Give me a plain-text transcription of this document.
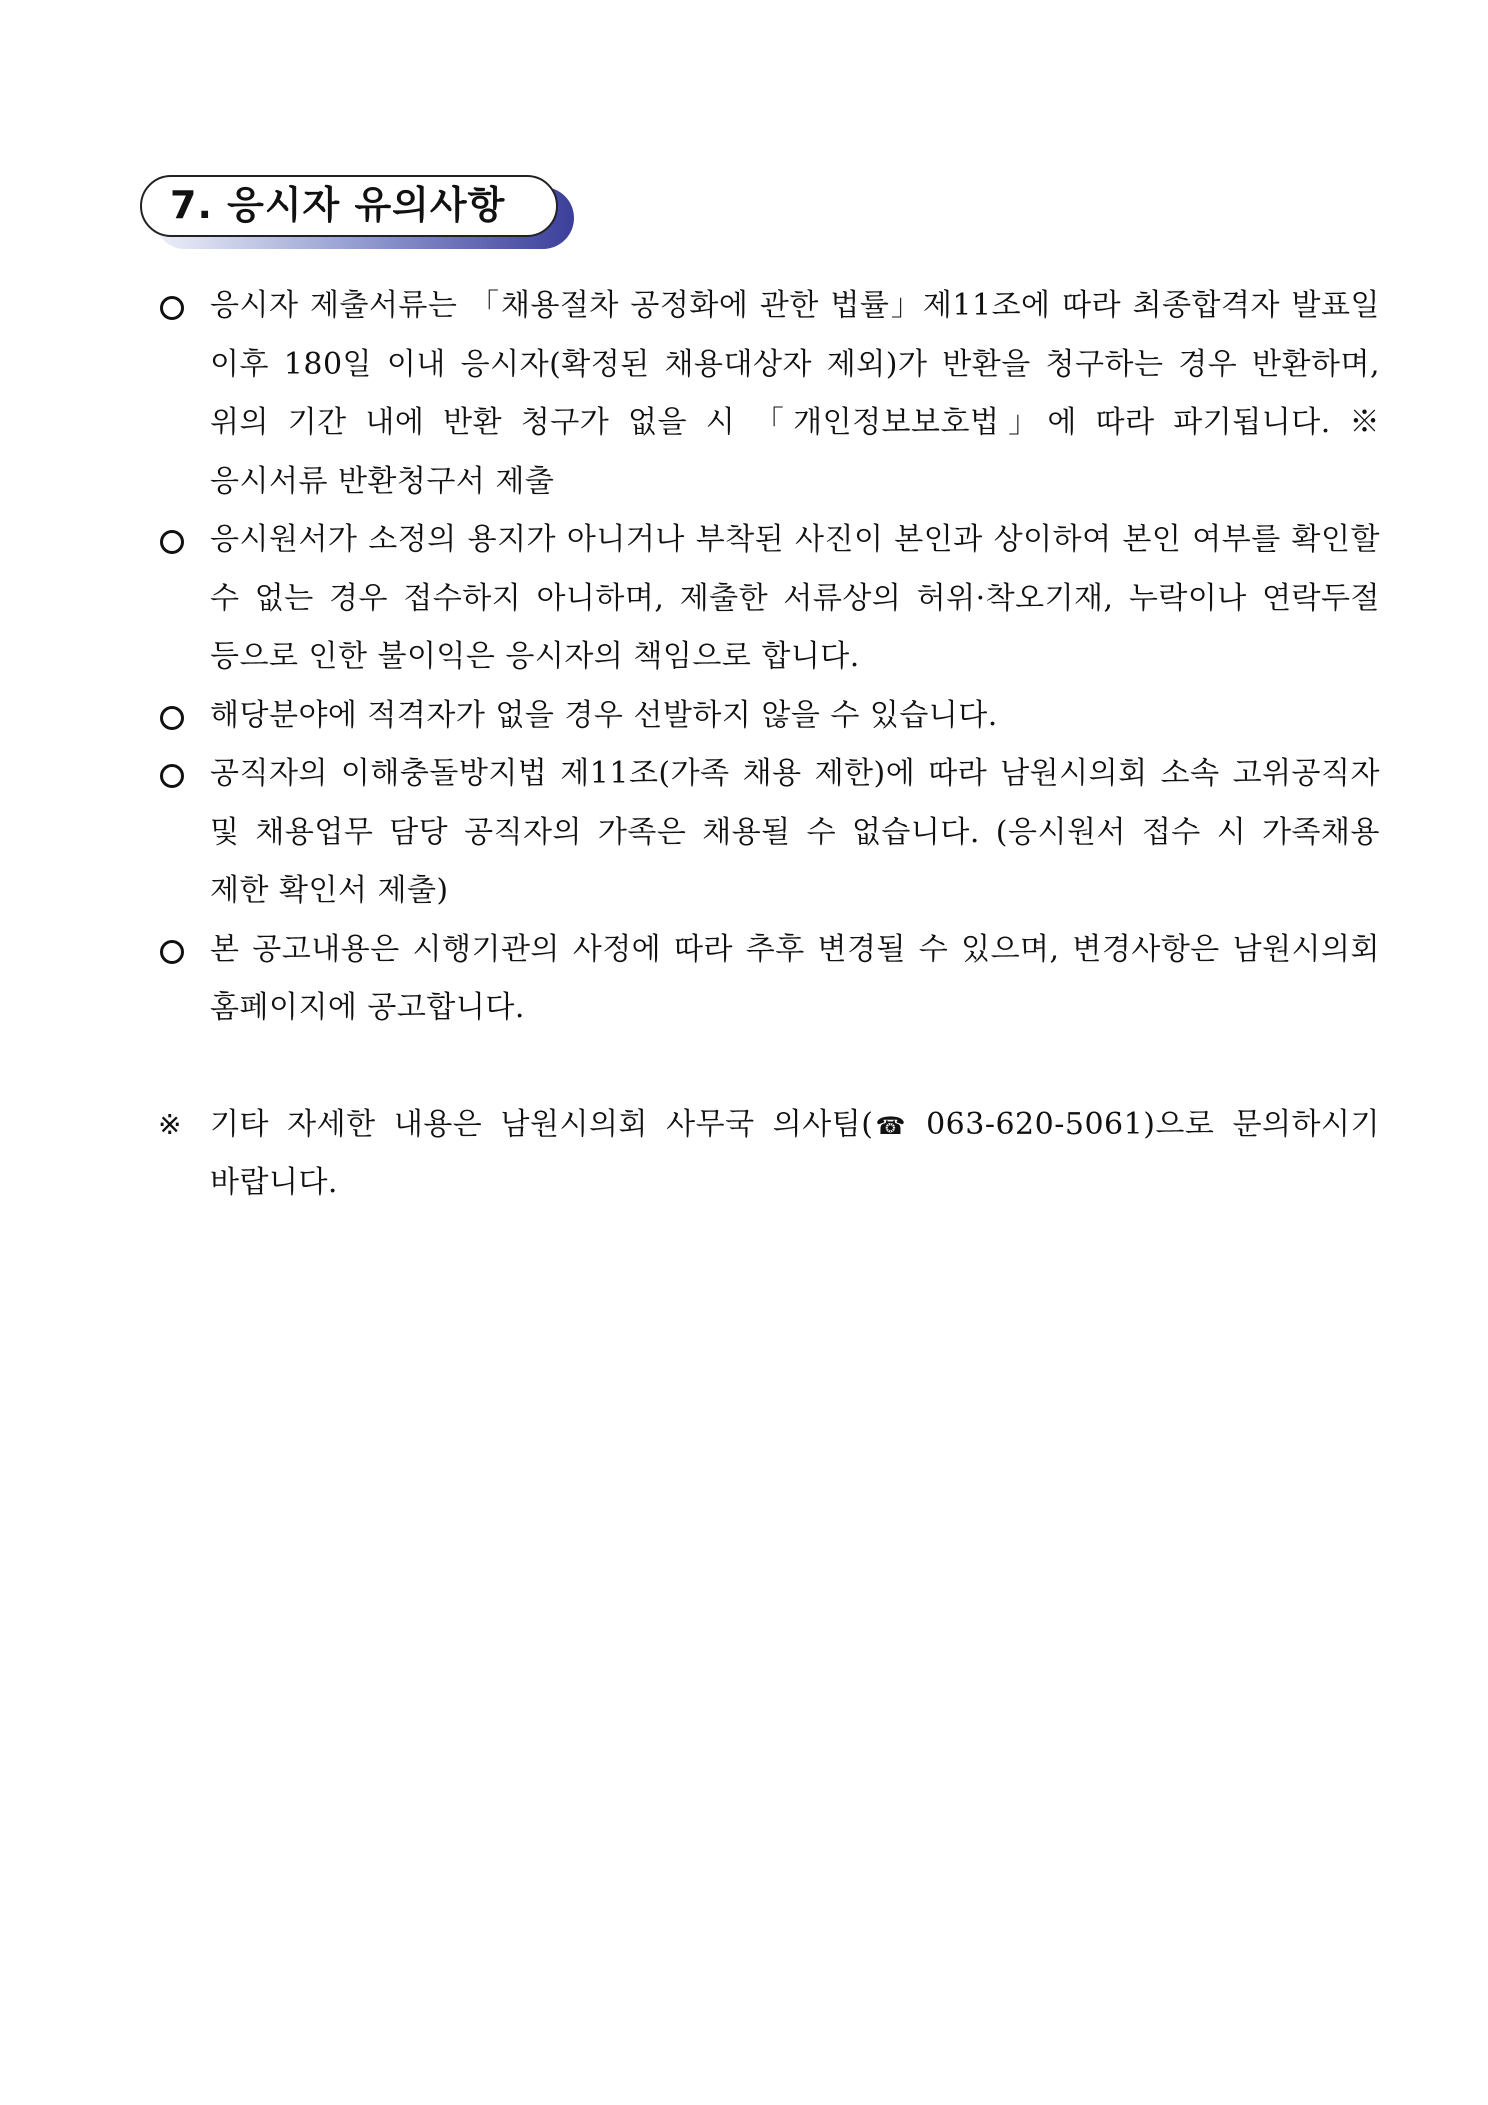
7. 응시자 유의사항
응시자 제출서류는 「채용절차 공정화에 관한 법률」제11조에 따라 최종합격자 발표일 이후 180일 이내 응시자(확정된 채용대상자 제외)가 반환을 청구하는 경우 반환하며, 위의 기간 내에 반환 청구가 없을 시 「개인정보보호법」에 따라 파기됩니다. ※ 응시서류 반환청구서 제출
응시원서가 소정의 용지가 아니거나 부착된 사진이 본인과 상이하여 본인 여부를 확인할 수 없는 경우 접수하지 아니하며, 제출한 서류상의 허위·착오기재, 누락이나 연락두절 등으로 인한 불이익은 응시자의 책임으로 합니다.
해당분야에 적격자가 없을 경우 선발하지 않을 수 있습니다.
공직자의 이해충돌방지법 제11조(가족 채용 제한)에 따라 남원시의회 소속 고위공직자 및 채용업무 담당 공직자의 가족은 채용될 수 없습니다. (응시원서 접수 시 가족채용 제한 확인서 제출)
본 공고내용은 시행기관의 사정에 따라 추후 변경될 수 있으며, 변경사항은 남원시의회 홈페이지에 공고합니다.
※ 기타 자세한 내용은 남원시의회 사무국 의사팀(☎ 063-620-5061)으로 문의하시기 바랍니다.
